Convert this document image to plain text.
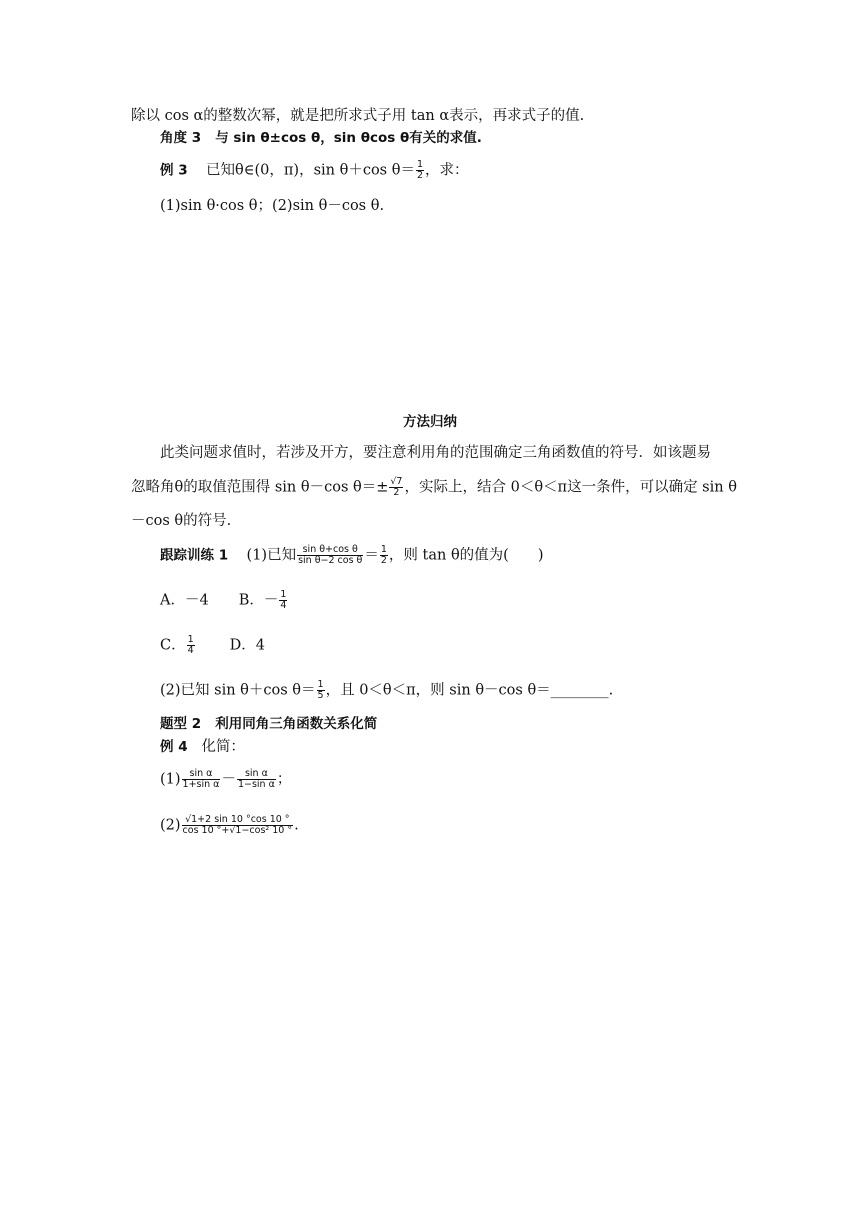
除以 cos α的整数次幂，就是把所求式子用 tan α表示，再求式子的值.
角度 3 与 sin θ±cos θ，sin θcos θ有关的求值.
例 3 已知θ∈(0，π)，sin θ＋cos $\theta= \frac{1}{2}$ ，求：
(1)sin θ·cos θ；(2)sin θ－cos θ.
方法归纳
此类问题求值时，若涉及开方，要注意利用角的范围确定三角函数值的符号．如该题易
忽略角θ的取值范围得 sin θ－cos $\theta=\pm \frac{√7}{2}$ ，实际上，结合 0＜θ＜π这一条件，可以确定 sin θ
－cos θ的符号.
跟踪训练 1 (1)已知 $\frac{\text{sin θ+cos θ}}{\text{sin θ−2 cos θ}} = \frac{1}{2}$ ，则 tan θ的值为(　　)
A．－4 B．－ $\frac{1}{4}$
C． $\frac{1}{4}$ D．4
(2)已知 sin θ＋cos $\theta= \frac{1}{5}$ ，且 0＜θ＜π，则 sin θ－cos θ＝________.
题型 2 利用同角三角函数关系化简
例 4 化简：
$(1) \frac{\text{sin α}}{\text{1+sin α}} - \frac{\text{sin α}}{\text{1−sin α}}$ ；
$(2) \frac{√1+2 \sin 10 ^\circ\cos 10 ^\circ}{\text{cos 10 °+√1−cos² 10 °}}$ .
